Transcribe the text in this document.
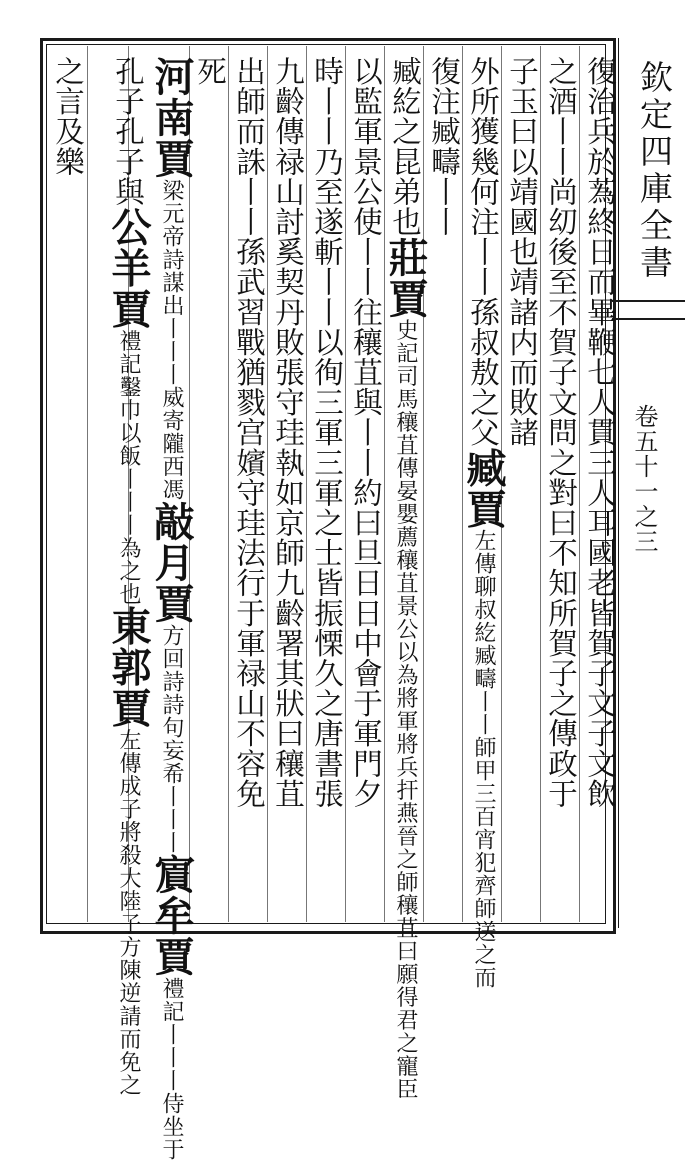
欽定四庫全書
卷五十一之三
復治兵於蒍終日而畢鞭七人貫三人耳國老皆賀子文子文飲
之酒丨丨尚㓜後至不賀子文問之對曰不知所賀子之傳政于
子玉曰以靖國也靖諸内而敗諸
外所獲幾何注丨丨孫叔敖之父臧賈左傳聊叔紇臧疇丨丨師甲三百宵犯齊師送之而
復注臧疇丨丨
臧紇之昆弟也莊賈史記司馬穰苴傳晏嬰薦穰苴景公以為將軍將兵扞燕晉之師穰苴曰願得君之寵臣
以監軍景公使丨丨往穰苴與丨丨約曰旦日日中會于軍門夕
時丨丨乃至遂斬丨丨以徇三軍三軍之士皆振慄久之唐書張
九齡傳禄山討奚契丹敗張守珪執如京師九齡署其狀曰穰苴
出師而誅丨丨孫武習戰猶戮宫嬪守珪法行于軍禄山不容免
死
河南賈梁元帝詩謀出丨丨丨威寄隴西馮敲月賈方回詩詩句妄希丨丨丨賔牟賈禮記丨丨丨侍坐于
孔子孔子與公羊賈禮記鑿巾以飯丨丨丨為之也東郭賈左傳成子將殺大陸子方陳逆請而免之
之言及樂
